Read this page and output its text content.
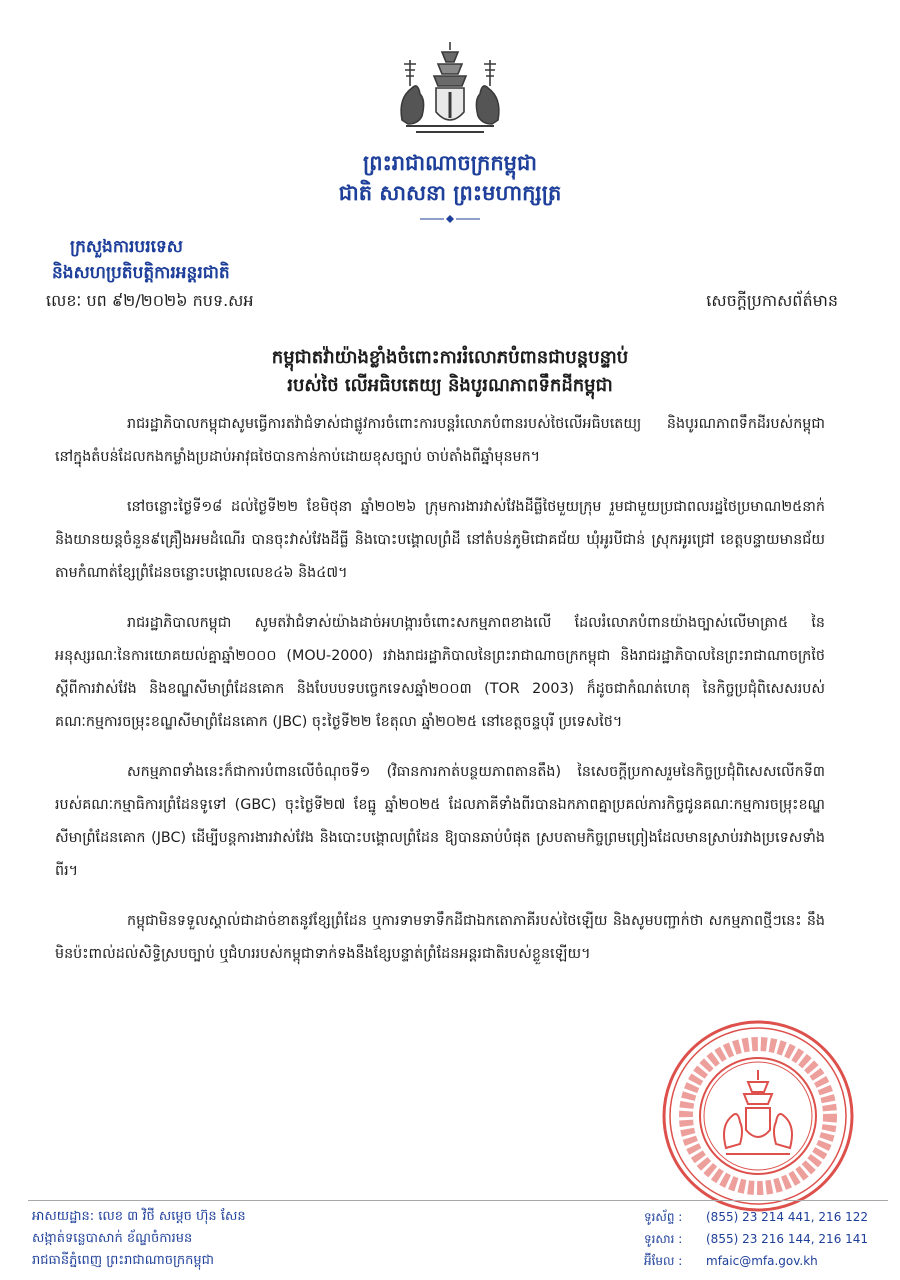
ព្រះរាជាណាចក្រកម្ពុជា
ជាតិ សាសនា ព្រះមហាក្សត្រ
ក្រសួងការបរទេស
និងសហប្រតិបត្តិការអន្តរជាតិ
លេខៈ បព ៩២/២០២៦ កបទ.សអ	សេចក្ដីប្រកាសព័ត៌មាន
កម្ពុជាតវ៉ាយ៉ាងខ្លាំងចំពោះការរំលោភបំពានជាបន្ដបន្ទាប់
របស់ថៃ លើអធិបតេយ្យ និងបូរណភាពទឹកដីកម្ពុជា

រាជរដ្ឋាភិបាលកម្ពុជាសូមធ្វើការតវ៉ាជំទាស់ជាផ្លូវការចំពោះការបន្ដរំលោភបំពានរបស់ថៃលើអធិបតេយ្យ និងបូរណភាពទឹកដីរបស់កម្ពុជា នៅក្នុងតំបន់ដែលកងកម្លាំងប្រដាប់អាវុធថៃបានកាន់កាប់ដោយខុសច្បាប់ ចាប់តាំងពីឆ្នាំមុនមក។

នៅចន្លោះថ្ងៃទី១៨ ដល់ថ្ងៃទី២២ ខែមិថុនា ឆ្នាំ២០២៦ ក្រុមការងារវាស់វែងដីធ្លីថៃមួយក្រុម រួមជាមួយប្រជាពលរដ្ឋថៃប្រមាណ២៥នាក់ និងយានយន្តចំនួន៩គ្រឿងអមដំណើរ បានចុះវាស់វែងដីធ្លី និងបោះបង្គោលព្រំដី នៅតំបន់ភូមិជោគជ័យ ឃុំអូរបីជាន់ ស្រុកអូរជ្រៅ ខេត្តបន្ទាយមានជ័យ តាមកំណាត់ខ្សែព្រំដែនចន្លោះបង្គោលលេខ៤៦ និង៤៧។

រាជរដ្ឋាភិបាលកម្ពុជា សូមតវ៉ាជំទាស់យ៉ាងដាច់អហង្ការចំពោះសកម្មភាពខាងលើ ដែលរំលោភបំពានយ៉ាងច្បាស់លើមាត្រា៥ នៃអនុស្សរណៈនៃការយោគយល់គ្នាឆ្នាំ២០០០ (MOU-2000) រវាងរាជរដ្ឋាភិបាលនៃព្រះរាជាណាចក្រកម្ពុជា និងរាជរដ្ឋាភិបាលនៃព្រះរាជាណាចក្រថៃ ស្ដីពីការវាស់វែង និងខណ្ឌសីមាព្រំដែនគោក និងបែបបទបច្ចេកទេសឆ្នាំ២០០៣ (TOR 2003) ក៏ដូចជាកំណត់ហេតុ នៃកិច្ចប្រជុំពិសេសរបស់គណៈកម្មការចម្រុះខណ្ឌសីមាព្រំដែនគោក (JBC) ចុះថ្ងៃទី២២ ខែតុលា ឆ្នាំ២០២៥ នៅខេត្តចន្ទបុរី ប្រទេសថៃ។

សកម្មភាពទាំងនេះក៏ជាការបំពានលើចំណុចទី១ (វិធានការកាត់បន្ថយភាពតានតឹង) នៃសេចក្ដីប្រកាសរួមនៃកិច្ចប្រជុំពិសេសលើកទី៣ របស់គណៈកម្មាធិការព្រំដែនទូទៅ (GBC) ចុះថ្ងៃទី២៧ ខែធ្នូ ឆ្នាំ២០២៥ ដែលភាគីទាំងពីរបានឯកភាពគ្នាប្រគល់ភារកិច្ចជូនគណៈកម្មការចម្រុះខណ្ឌសីមាព្រំដែនគោក (JBC) ដើម្បីបន្ដការងារវាស់វែង និងបោះបង្គោលព្រំដែន ឱ្យបានឆាប់បំផុត ស្របតាមកិច្ចព្រមព្រៀងដែលមានស្រាប់រវាងប្រទេសទាំងពីរ។

កម្ពុជាមិនទទួលស្គាល់ជាដាច់ខាតនូវខ្សែព្រំដែន ឬការទាមទាទឹកដីជាឯកតោភាគីរបស់ថៃឡើយ និងសូមបញ្ជាក់ថា សកម្មភាពថ្មីៗនេះ នឹងមិនប៉ះពាល់ដល់សិទ្ធិស្របច្បាប់ ឬជំហររបស់កម្ពុជាទាក់ទងនឹងខ្សែបន្ទាត់ព្រំដែនអន្តរជាតិរបស់ខ្លួនឡើយ។

អាសយដ្ឋាន: លេខ ៣ វិថី សម្ដេច ហ៊ុន សែន
សង្កាត់ទន្លេបាសាក់ ខ័ណ្ឌចំការមន
រាជធានីភ្នំពេញ ព្រះរាជាណាចក្រកម្ពុជា
ទូរស័ព្ទ :	(855) 23 214 441, 216 122
ទូរសារ :	(855) 23 216 144, 216 141
អ៊ីមែល :	mfaic@mfa.gov.kh
